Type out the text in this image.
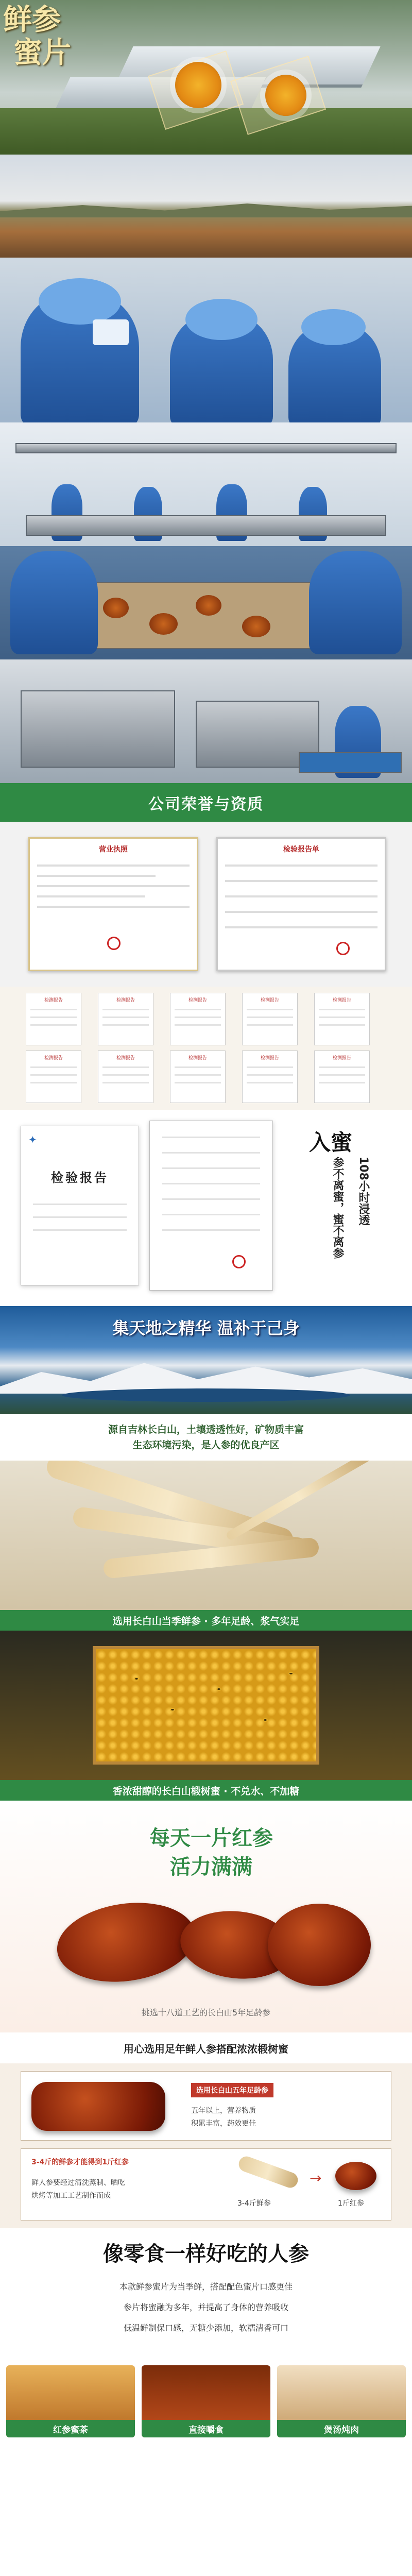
鲜参
蜜片
公司荣誉与资质
营业执照	检验报告单
检测报告	检测报告	检测报告	检测报告	检测报告
检测报告	检测报告	检测报告	检测报告	检测报告
✦
检验报告
入蜜
108小时浸透
参不离蜜，蜜不离参
集天地之精华 温补于己身
源自吉林长白山，土壤透透性好，矿物质丰富
生态环境污染，是人参的优良产区
选用长白山当季鲜参 · 多年足龄、浆气实足
香浓甜醇的长白山椴树蜜 · 不兑水、不加糖
每天一片红参
活力满满
挑选十八道工艺的长白山5年足龄参
用心选用足年鲜人参搭配浓浓椴树蜜
选用长白山五年足龄参
五年以上，营养物质
积累丰富，药效更佳
3-4斤的鲜参才能得到1斤红参
鲜人参要经过清洗蒸制、晒吃
烘烤等加工工艺制作而成
3-4斤鲜参
→
1斤红参
像零食一样好吃的人参
本款鲜参蜜片为当季鲜，搭配配色蜜片口感更佳
参片将蜜融为多年，并提高了身体的营养吸收
低温鲜制保口感，无糖少添加，软糯清香可口
红参蜜茶	直接嚼食	煲汤炖肉
